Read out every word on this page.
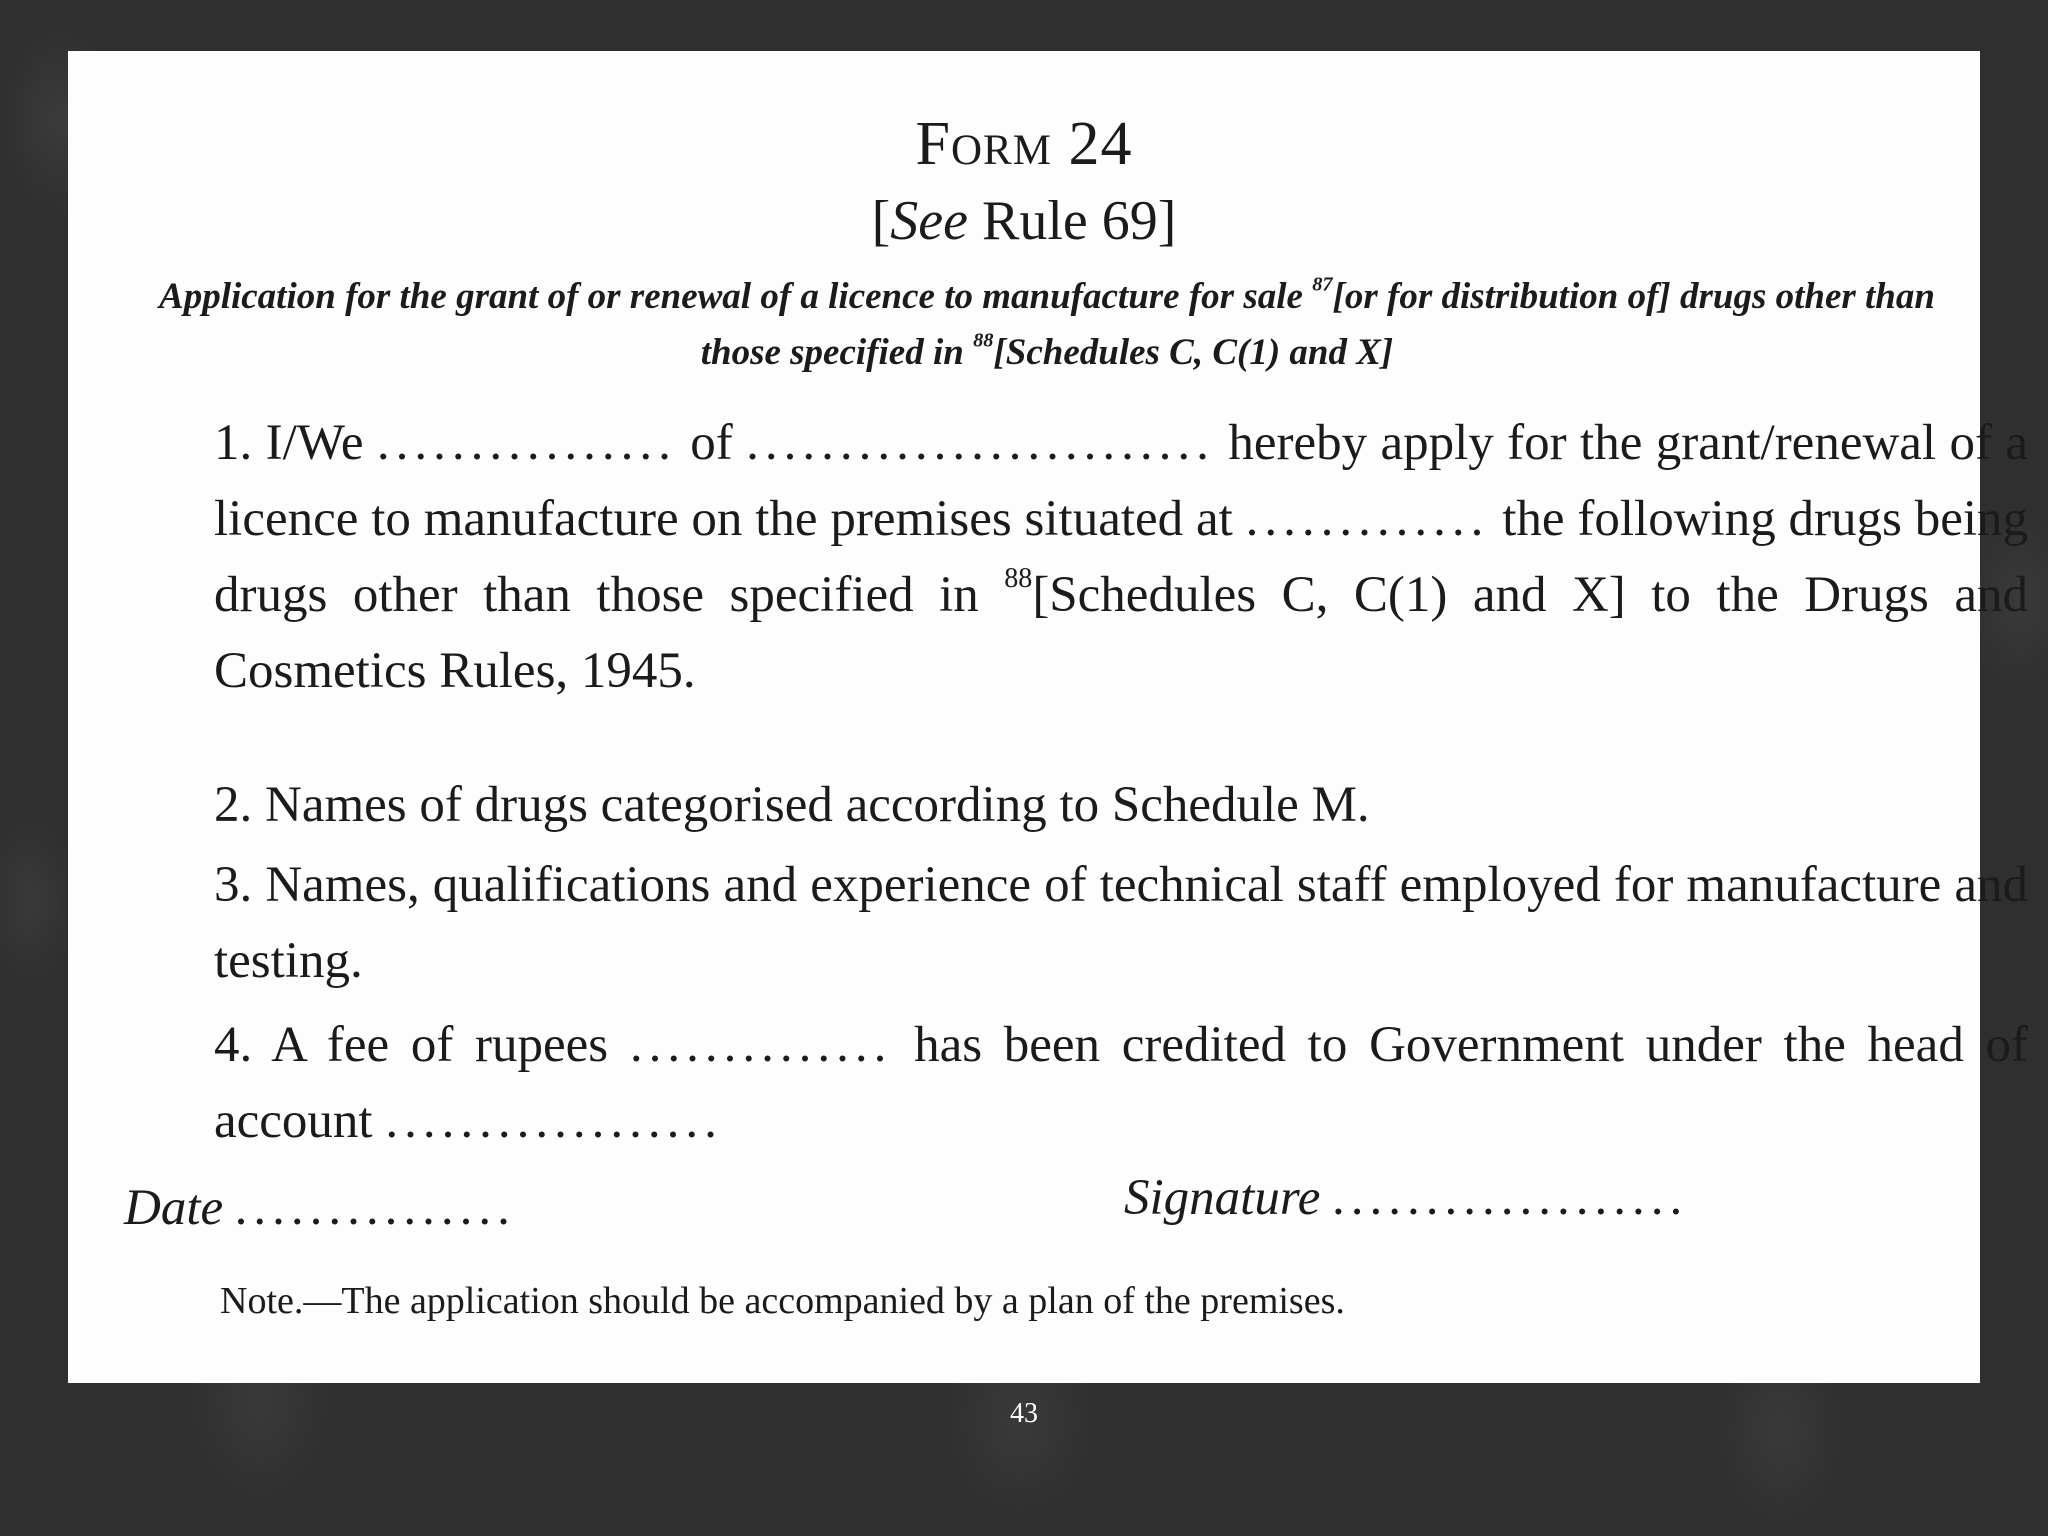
Form 24
[See Rule 69]
Application for the grant of or renewal of a licence to manufacture for sale $^{87}$[or for distribution of] drugs other than those specified in $^{88}$[Schedules C, C(1) and X]
1. I/We ................ of ......................... hereby apply for the grant/renewal of a licence to manufacture on the premises situated at ............. the following drugs being drugs other than those specified in $^{88}$[Schedules C, C(1) and X] to the Drugs and Cosmetics Rules, 1945.
2. Names of drugs categorised according to Schedule M.
3. Names, qualifications and experience of technical staff employed for manufacture and testing.
4. A fee of rupees .............. has been credited to Government under the head of account ..................
Date ...............	Signature ...................
Note.—The application should be accompanied by a plan of the premises.
43
